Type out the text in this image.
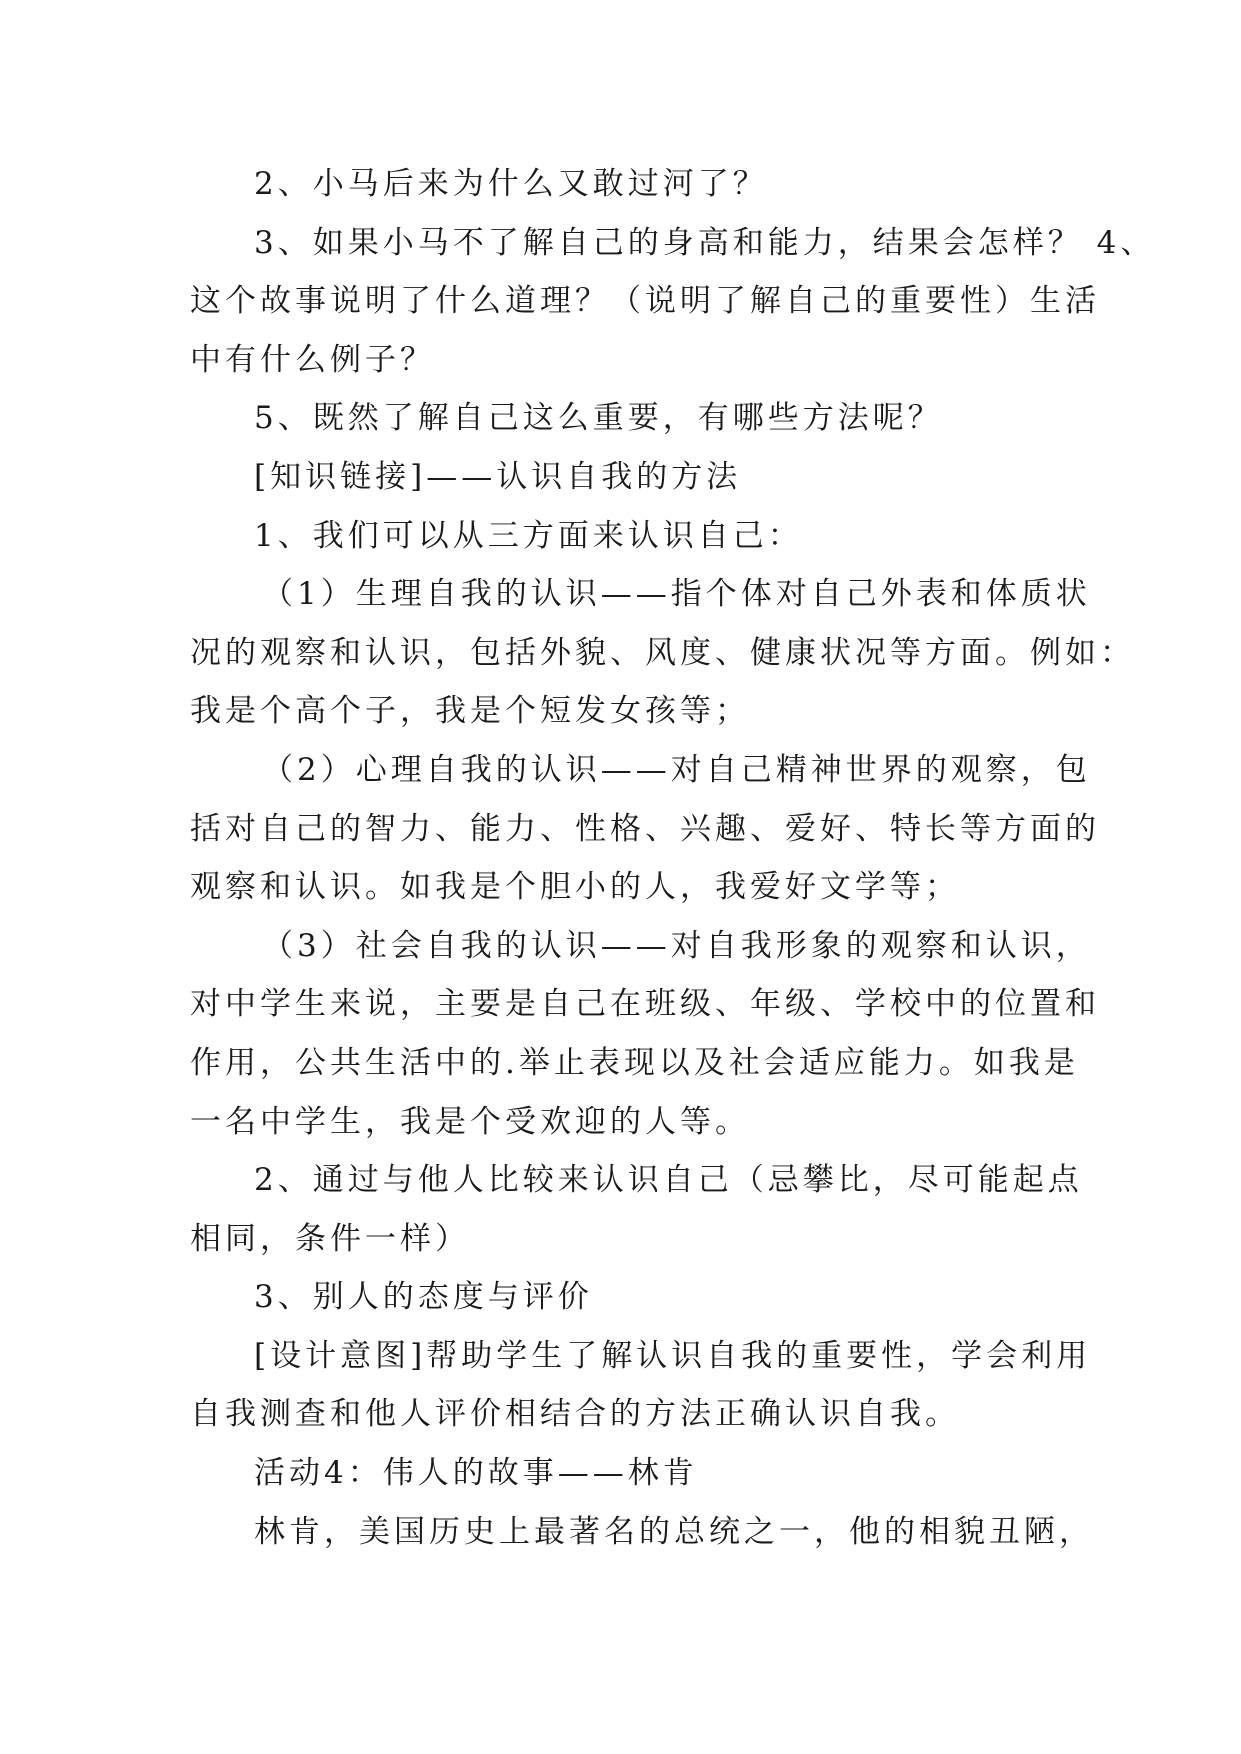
2、小马后来为什么又敢过河了？
3、如果小马不了解自己的身高和能力，结果会怎样？ 4、
这个故事说明了什么道理？（说明了解自己的重要性）生活
中有什么例子？
5、既然了解自己这么重要，有哪些方法呢？
[知识链接]——认识自我的方法
1、我们可以从三方面来认识自己：
（1）生理自我的认识——指个体对自己外表和体质状
况的观察和认识，包括外貌、风度、健康状况等方面。例如：
我是个高个子，我是个短发女孩等；
（2）心理自我的认识——对自己精神世界的观察，包
括对自己的智力、能力、性格、兴趣、爱好、特长等方面的
观察和认识。如我是个胆小的人，我爱好文学等；
（3）社会自我的认识——对自我形象的观察和认识，
对中学生来说，主要是自己在班级、年级、学校中的位置和
作用，公共生活中的.举止表现以及社会适应能力。如我是
一名中学生，我是个受欢迎的人等。
2、通过与他人比较来认识自己（忌攀比，尽可能起点
相同，条件一样）
3、别人的态度与评价
[设计意图]帮助学生了解认识自我的重要性，学会利用
自我测查和他人评价相结合的方法正确认识自我。
活动4：伟人的故事——林肯
林肯，美国历史上最著名的总统之一，他的相貌丑陋，
